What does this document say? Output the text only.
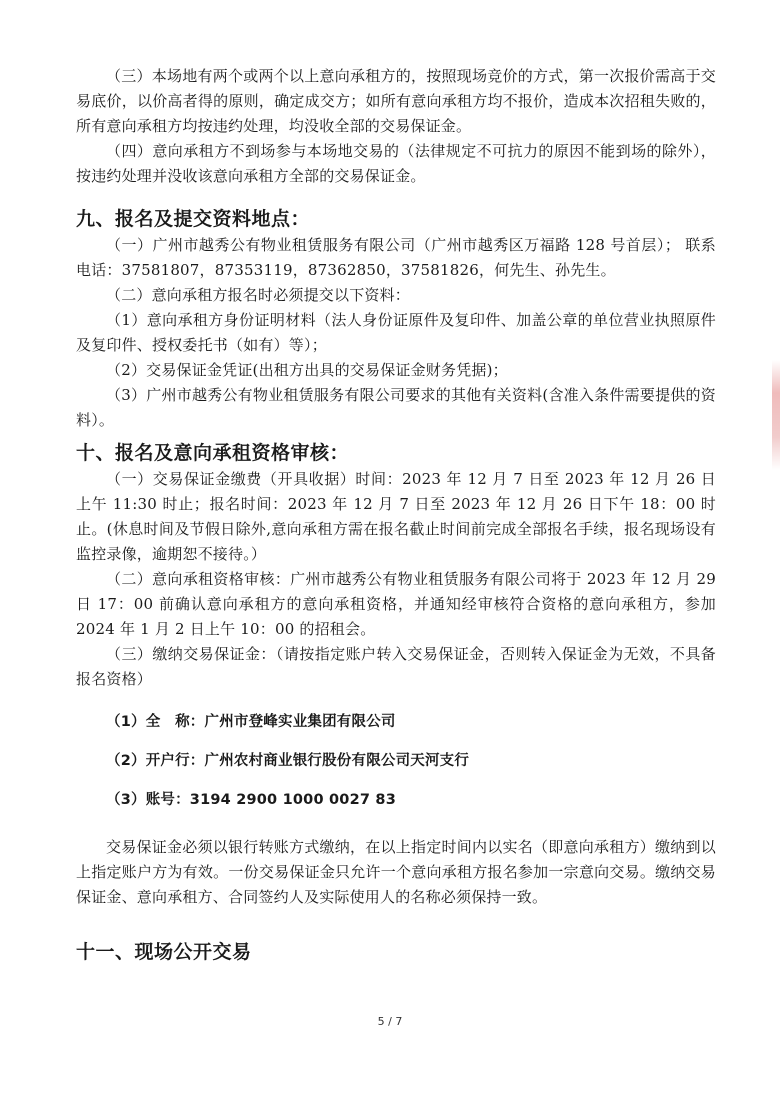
（三）本场地有两个或两个以上意向承租方的，按照现场竞价的方式，第一次报价需高于交易底价，以价高者得的原则，确定成交方；如所有意向承租方均不报价，造成本次招租失败的，所有意向承租方均按违约处理，均没收全部的交易保证金。

（四）意向承租方不到场参与本场地交易的（法律规定不可抗力的原因不能到场的除外），按违约处理并没收该意向承租方全部的交易保证金。

九、报名及提交资料地点：

（一）广州市越秀公有物业租赁服务有限公司（广州市越秀区万福路 128 号首层）； 联系电话：37581807，87353119，87362850，37581826，何先生、孙先生。

（二）意向承租方报名时必须提交以下资料：

（1）意向承租方身份证明材料（法人身份证原件及复印件、加盖公章的单位营业执照原件及复印件、授权委托书（如有）等）；

（2）交易保证金凭证(出租方出具的交易保证金财务凭据)；

（3）广州市越秀公有物业租赁服务有限公司要求的其他有关资料(含准入条件需要提供的资料）。

十、报名及意向承租资格审核：

（一）交易保证金缴费（开具收据）时间：2023 年 12 月 7 日至 2023 年 12 月 26 日上午 11:30 时止；报名时间：2023 年 12 月 7 日至 2023 年 12 月 26 日下午 18：00 时止。(休息时间及节假日除外,意向承租方需在报名截止时间前完成全部报名手续，报名现场设有监控录像，逾期恕不接待。）

（二）意向承租资格审核：广州市越秀公有物业租赁服务有限公司将于 2023 年 12 月 29 日 17：00 前确认意向承租方的意向承租资格，并通知经审核符合资格的意向承租方，参加 2024 年 1 月 2 日上午 10：00 的招租会。

（三）缴纳交易保证金：（请按指定账户转入交易保证金，否则转入保证金为无效，不具备报名资格）

（1）全　称：广州市登峰实业集团有限公司

（2）开户行：广州农村商业银行股份有限公司天河支行

（3）账号：3194 2900 1000 0027 83

交易保证金必须以银行转账方式缴纳，在以上指定时间内以实名（即意向承租方）缴纳到以上指定账户方为有效。一份交易保证金只允许一个意向承租方报名参加一宗意向交易。缴纳交易保证金、意向承租方、合同签约人及实际使用人的名称必须保持一致。

十一、现场公开交易
5 / 7
